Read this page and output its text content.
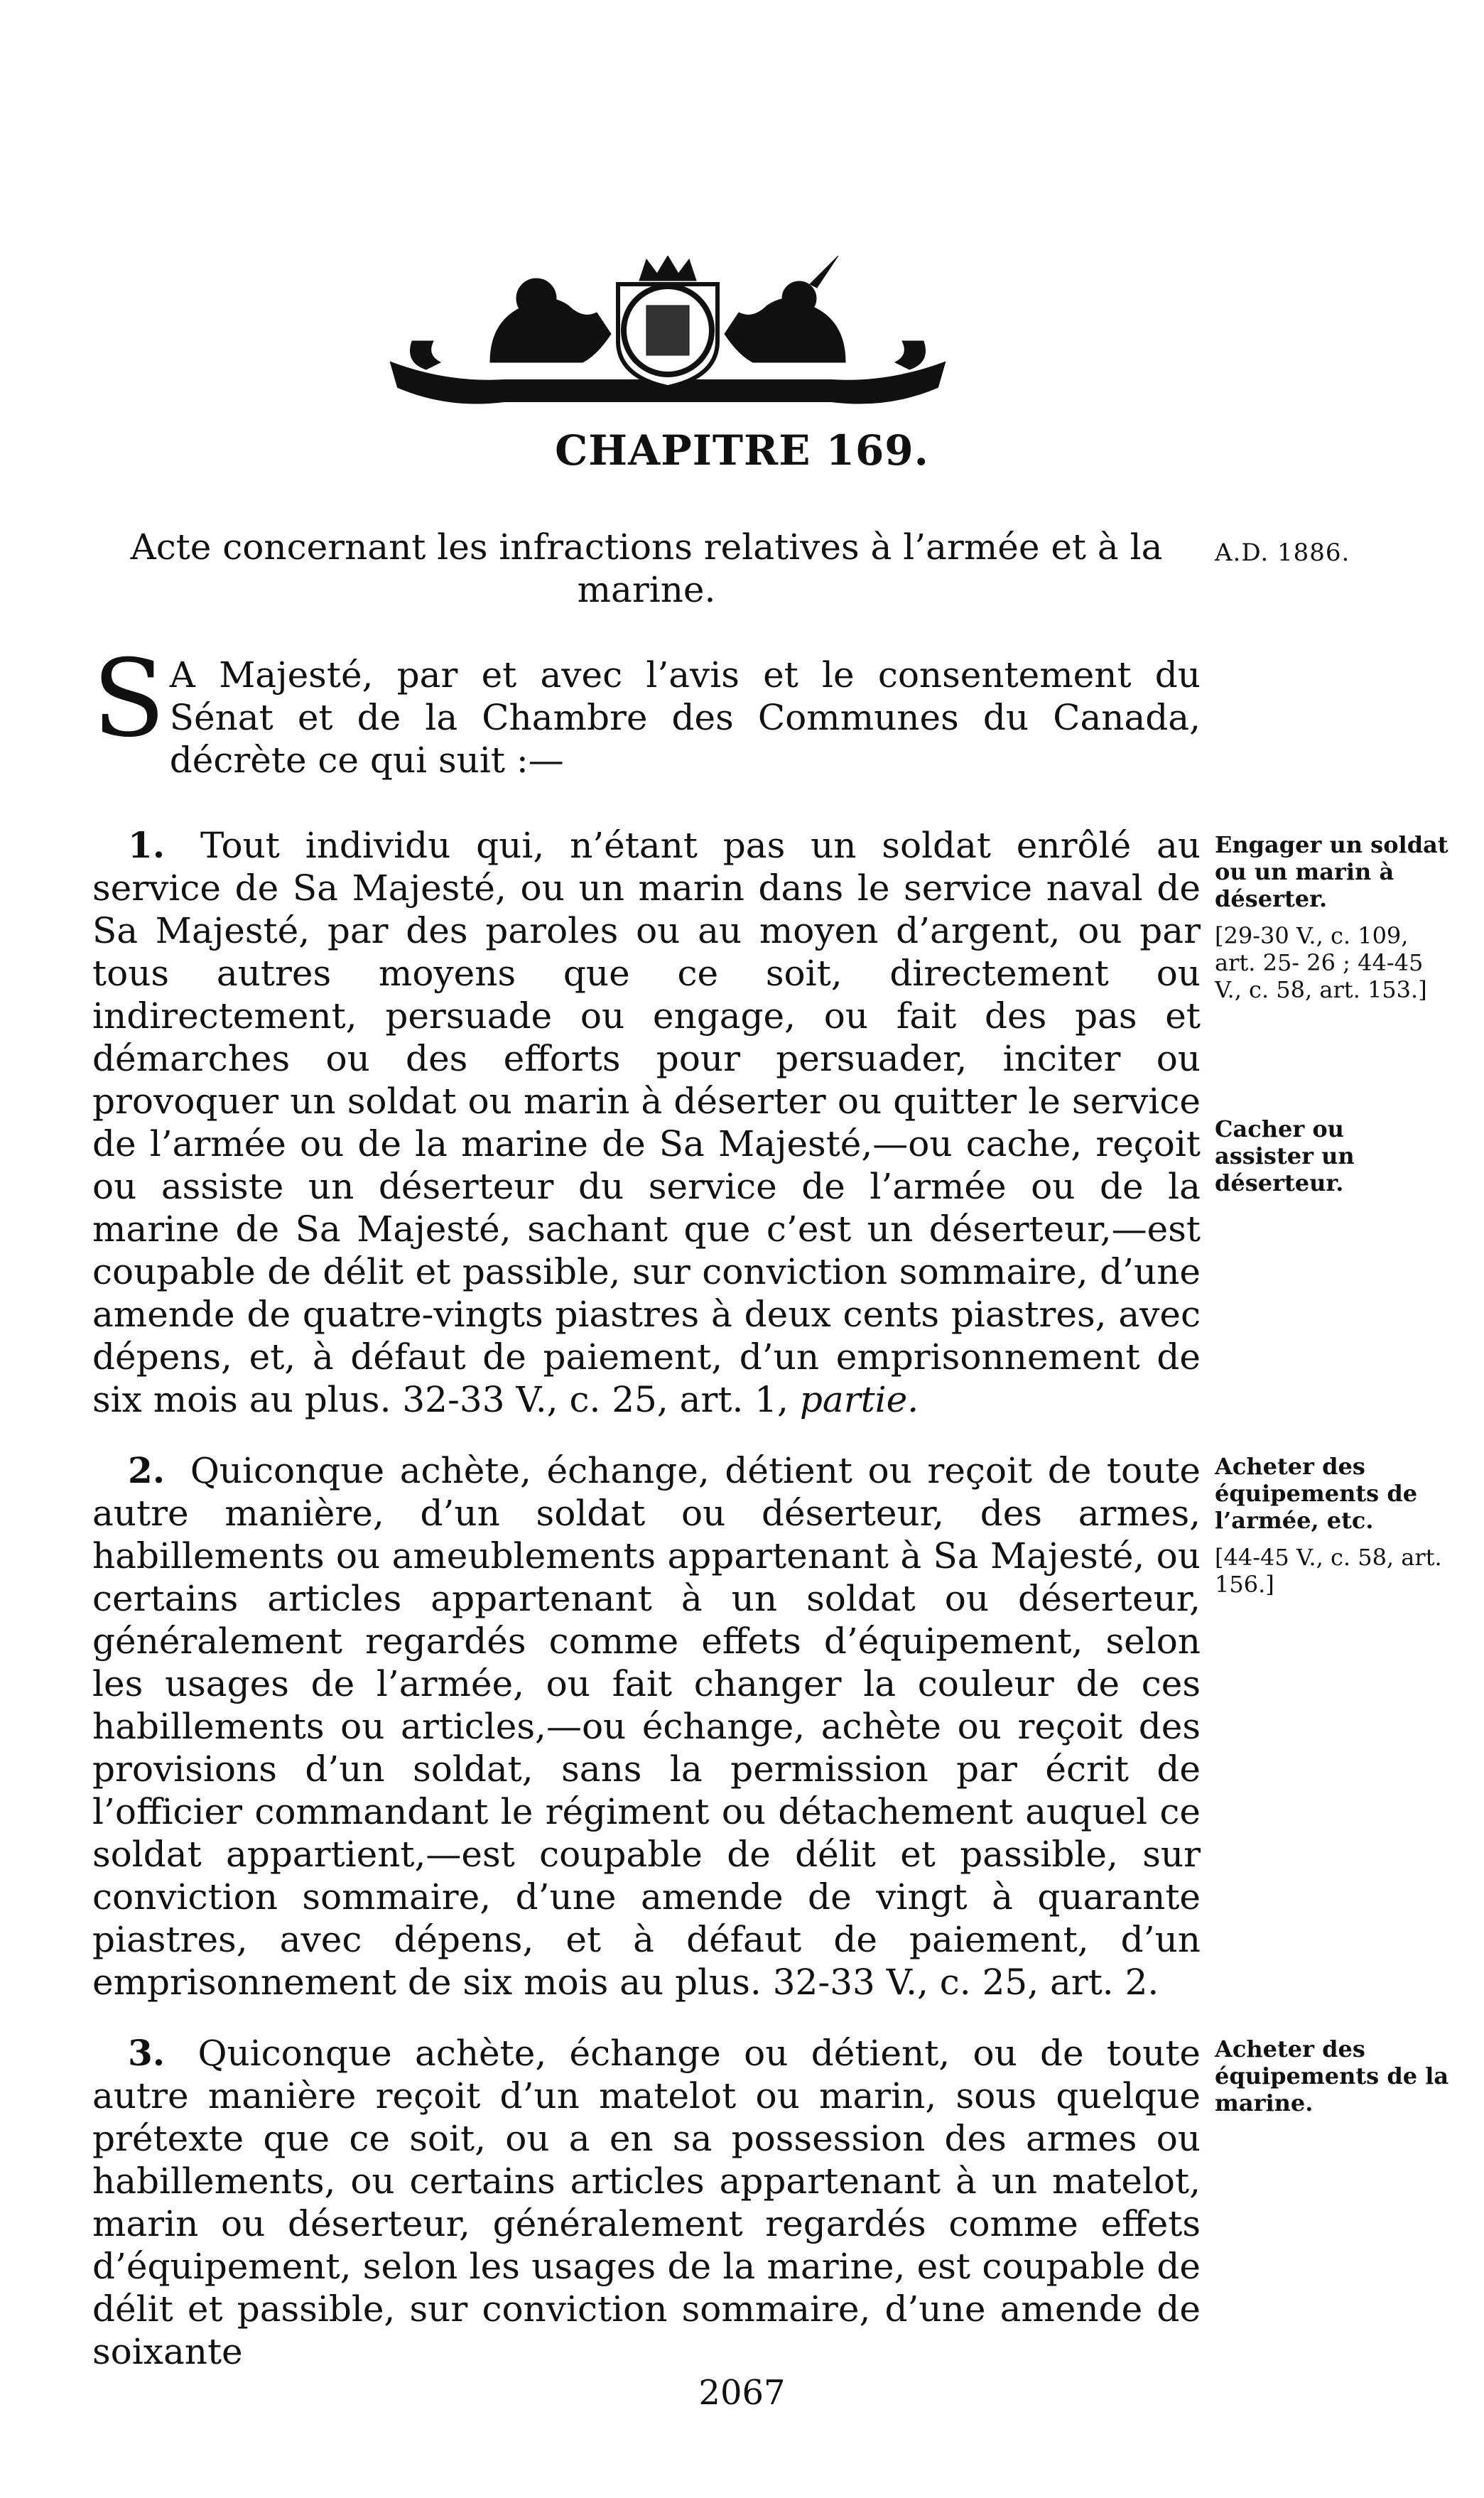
CHAPITRE 169.
Acte concernant les infractions relatives à l’armée et à la marine.
A.D. 1886.

S A Majesté, par et avec l’avis et le consentement du Sénat et de la Chambre des Communes du Canada, décrète ce qui suit :—

1. Tout individu qui, n’étant pas un soldat enrôlé au service de Sa Majesté, ou un marin dans le service naval de Sa Majesté, par des paroles ou au moyen d’argent, ou par tous autres moyens que ce soit, directement ou indirectement, persuade ou engage, ou fait des pas et démarches ou des efforts pour persuader, inciter ou provoquer un soldat ou marin à déserter ou quitter le service de l’armée ou de la marine de Sa Majesté,—ou cache, reçoit ou assiste un déserteur du service de l’armée ou de la marine de Sa Majesté, sachant que c’est un déserteur,—est coupable de délit et passible, sur conviction sommaire, d’une amende de quatre-vingts piastres à deux cents piastres, avec dépens, et, à défaut de paiement, d’un emprisonnement de six mois au plus. 32-33 V., c. 25, art. 1, partie.

2. Quiconque achète, échange, détient ou reçoit de toute autre manière, d’un soldat ou déserteur, des armes, habillements ou ameublements appartenant à Sa Majesté, ou certains articles appartenant à un soldat ou déserteur, généralement regardés comme effets d’équipement, selon les usages de l’armée, ou fait changer la couleur de ces habillements ou articles,—ou échange, achète ou reçoit des provisions d’un soldat, sans la permission par écrit de l’officier commandant le régiment ou détachement auquel ce soldat appartient,—est coupable de délit et passible, sur conviction sommaire, d’une amende de vingt à quarante piastres, avec dépens, et à défaut de paiement, d’un emprisonnement de six mois au plus. 32-33 V., c. 25, art. 2.

3. Quiconque achète, échange ou détient, ou de toute autre manière reçoit d’un matelot ou marin, sous quelque prétexte que ce soit, ou a en sa possession des armes ou habillements, ou certains articles appartenant à un matelot, marin ou déserteur, généralement regardés comme effets d’équipement, selon les usages de la marine, est coupable de délit et passible, sur conviction sommaire, d’une amende de soixante

Engager un soldat ou un marin à déserter.
[29-30 V., c. 109, art. 25- 26 ; 44-45 V., c. 58, art. 153.]
Cacher ou assister un déserteur.
Acheter des équipements de l’armée, etc.
[44-45 V., c. 58, art. 156.]
Acheter des équipements de la marine.
2067
